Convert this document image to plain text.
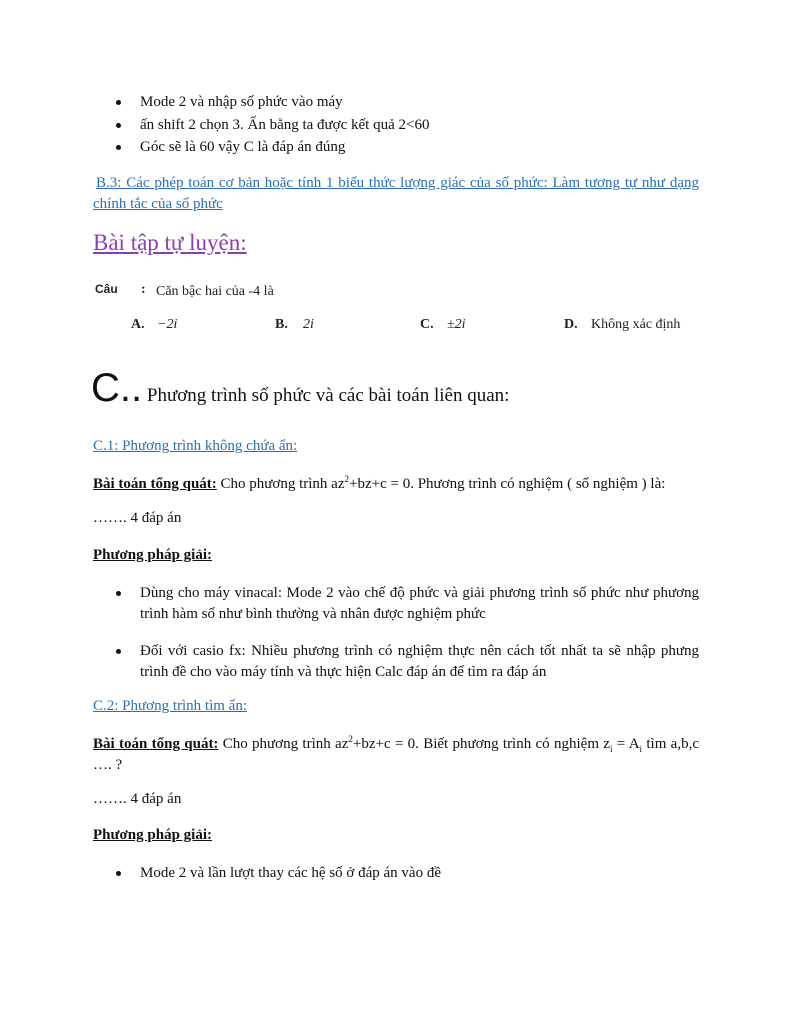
Mode 2 và nhập số phức vào máy
ấn shift 2 chọn 3. Ấn bằng ta được kết quả 2<60
Góc sẽ là 60 vậy C là đáp án đúng
B.3: Các phép toán cơ bản hoặc tính 1 biểu thức lượng giác của số phức: Làm tương tự như dạng chính tắc của số phức
Bài tập tự luyện:
Câu : Căn bậc hai của -4 là
A. −2i	B. 2i	C. ±2i	D. Không xác định
C.. Phương trình số phức và các bài toán liên quan:
C.1: Phương trình không chứa ẩn:
Bài toán tổng quát: Cho phương trình $az^2+bz+c = 0$. Phương trình có nghiệm ( số nghiệm ) là:
……. 4 đáp án
Phương pháp giải:
Dùng cho máy vinacal: Mode 2 vào chế độ phức và giải phương trình số phức như phương trình hàm số như bình thường và nhân được nghiệm phức
Đối với casio fx: Nhiều phương trình có nghiệm thực nên cách tốt nhất ta sẽ nhập phưng trình đề cho vào máy tính và thực hiện Calc đáp án để tìm ra đáp án
C.2: Phương trình tìm ẩn:
Bài toán tổng quát: Cho phương trình $az^2+bz+c = 0$. Biết phương trình có nghiệm $z_i = A_i$ tìm a,b,c …. ?
……. 4 đáp án
Phương pháp giải:
Mode 2 và lần lượt thay các hệ số ở đáp án vào đề
